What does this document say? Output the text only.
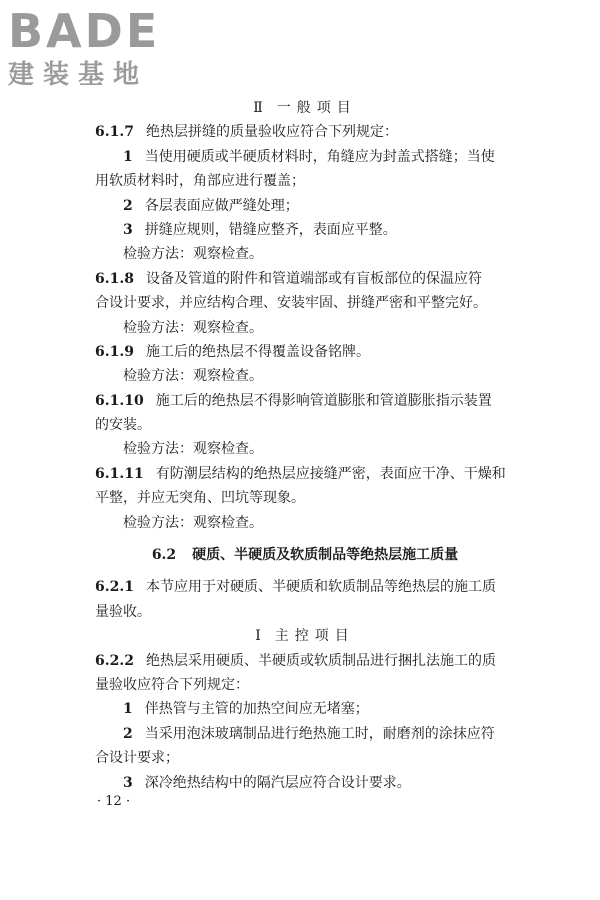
BADE
建装基地
Ⅱ 一般项目
6.1.7 绝热层拼缝的质量验收应符合下列规定：
1 当使用硬质或半硬质材料时，角缝应为封盖式搭缝；当使
用软质材料时，角部应进行覆盖；
2 各层表面应做严缝处理；
3 拼缝应规则，错缝应整齐，表面应平整。
检验方法：观察检查。
6.1.8 设备及管道的附件和管道端部或有盲板部位的保温应符
合设计要求，并应结构合理、安装牢固、拼缝严密和平整完好。
检验方法：观察检查。
6.1.9 施工后的绝热层不得覆盖设备铭牌。
检验方法：观察检查。
6.1.10 施工后的绝热层不得影响管道膨胀和管道膨胀指示装置
的安装。
检验方法：观察检查。
6.1.11 有防潮层结构的绝热层应接缝严密，表面应干净、干燥和
平整，并应无突角、凹坑等现象。
检验方法：观察检查。
6.2 硬质、半硬质及软质制品等绝热层施工质量
6.2.1 本节应用于对硬质、半硬质和软质制品等绝热层的施工质
量验收。
Ⅰ 主控项目
6.2.2 绝热层采用硬质、半硬质或软质制品进行捆扎法施工的质
量验收应符合下列规定：
1 伴热管与主管的加热空间应无堵塞；
2 当采用泡沫玻璃制品进行绝热施工时，耐磨剂的涂抹应符
合设计要求；
3 深冷绝热结构中的隔汽层应符合设计要求。
· 12 ·
